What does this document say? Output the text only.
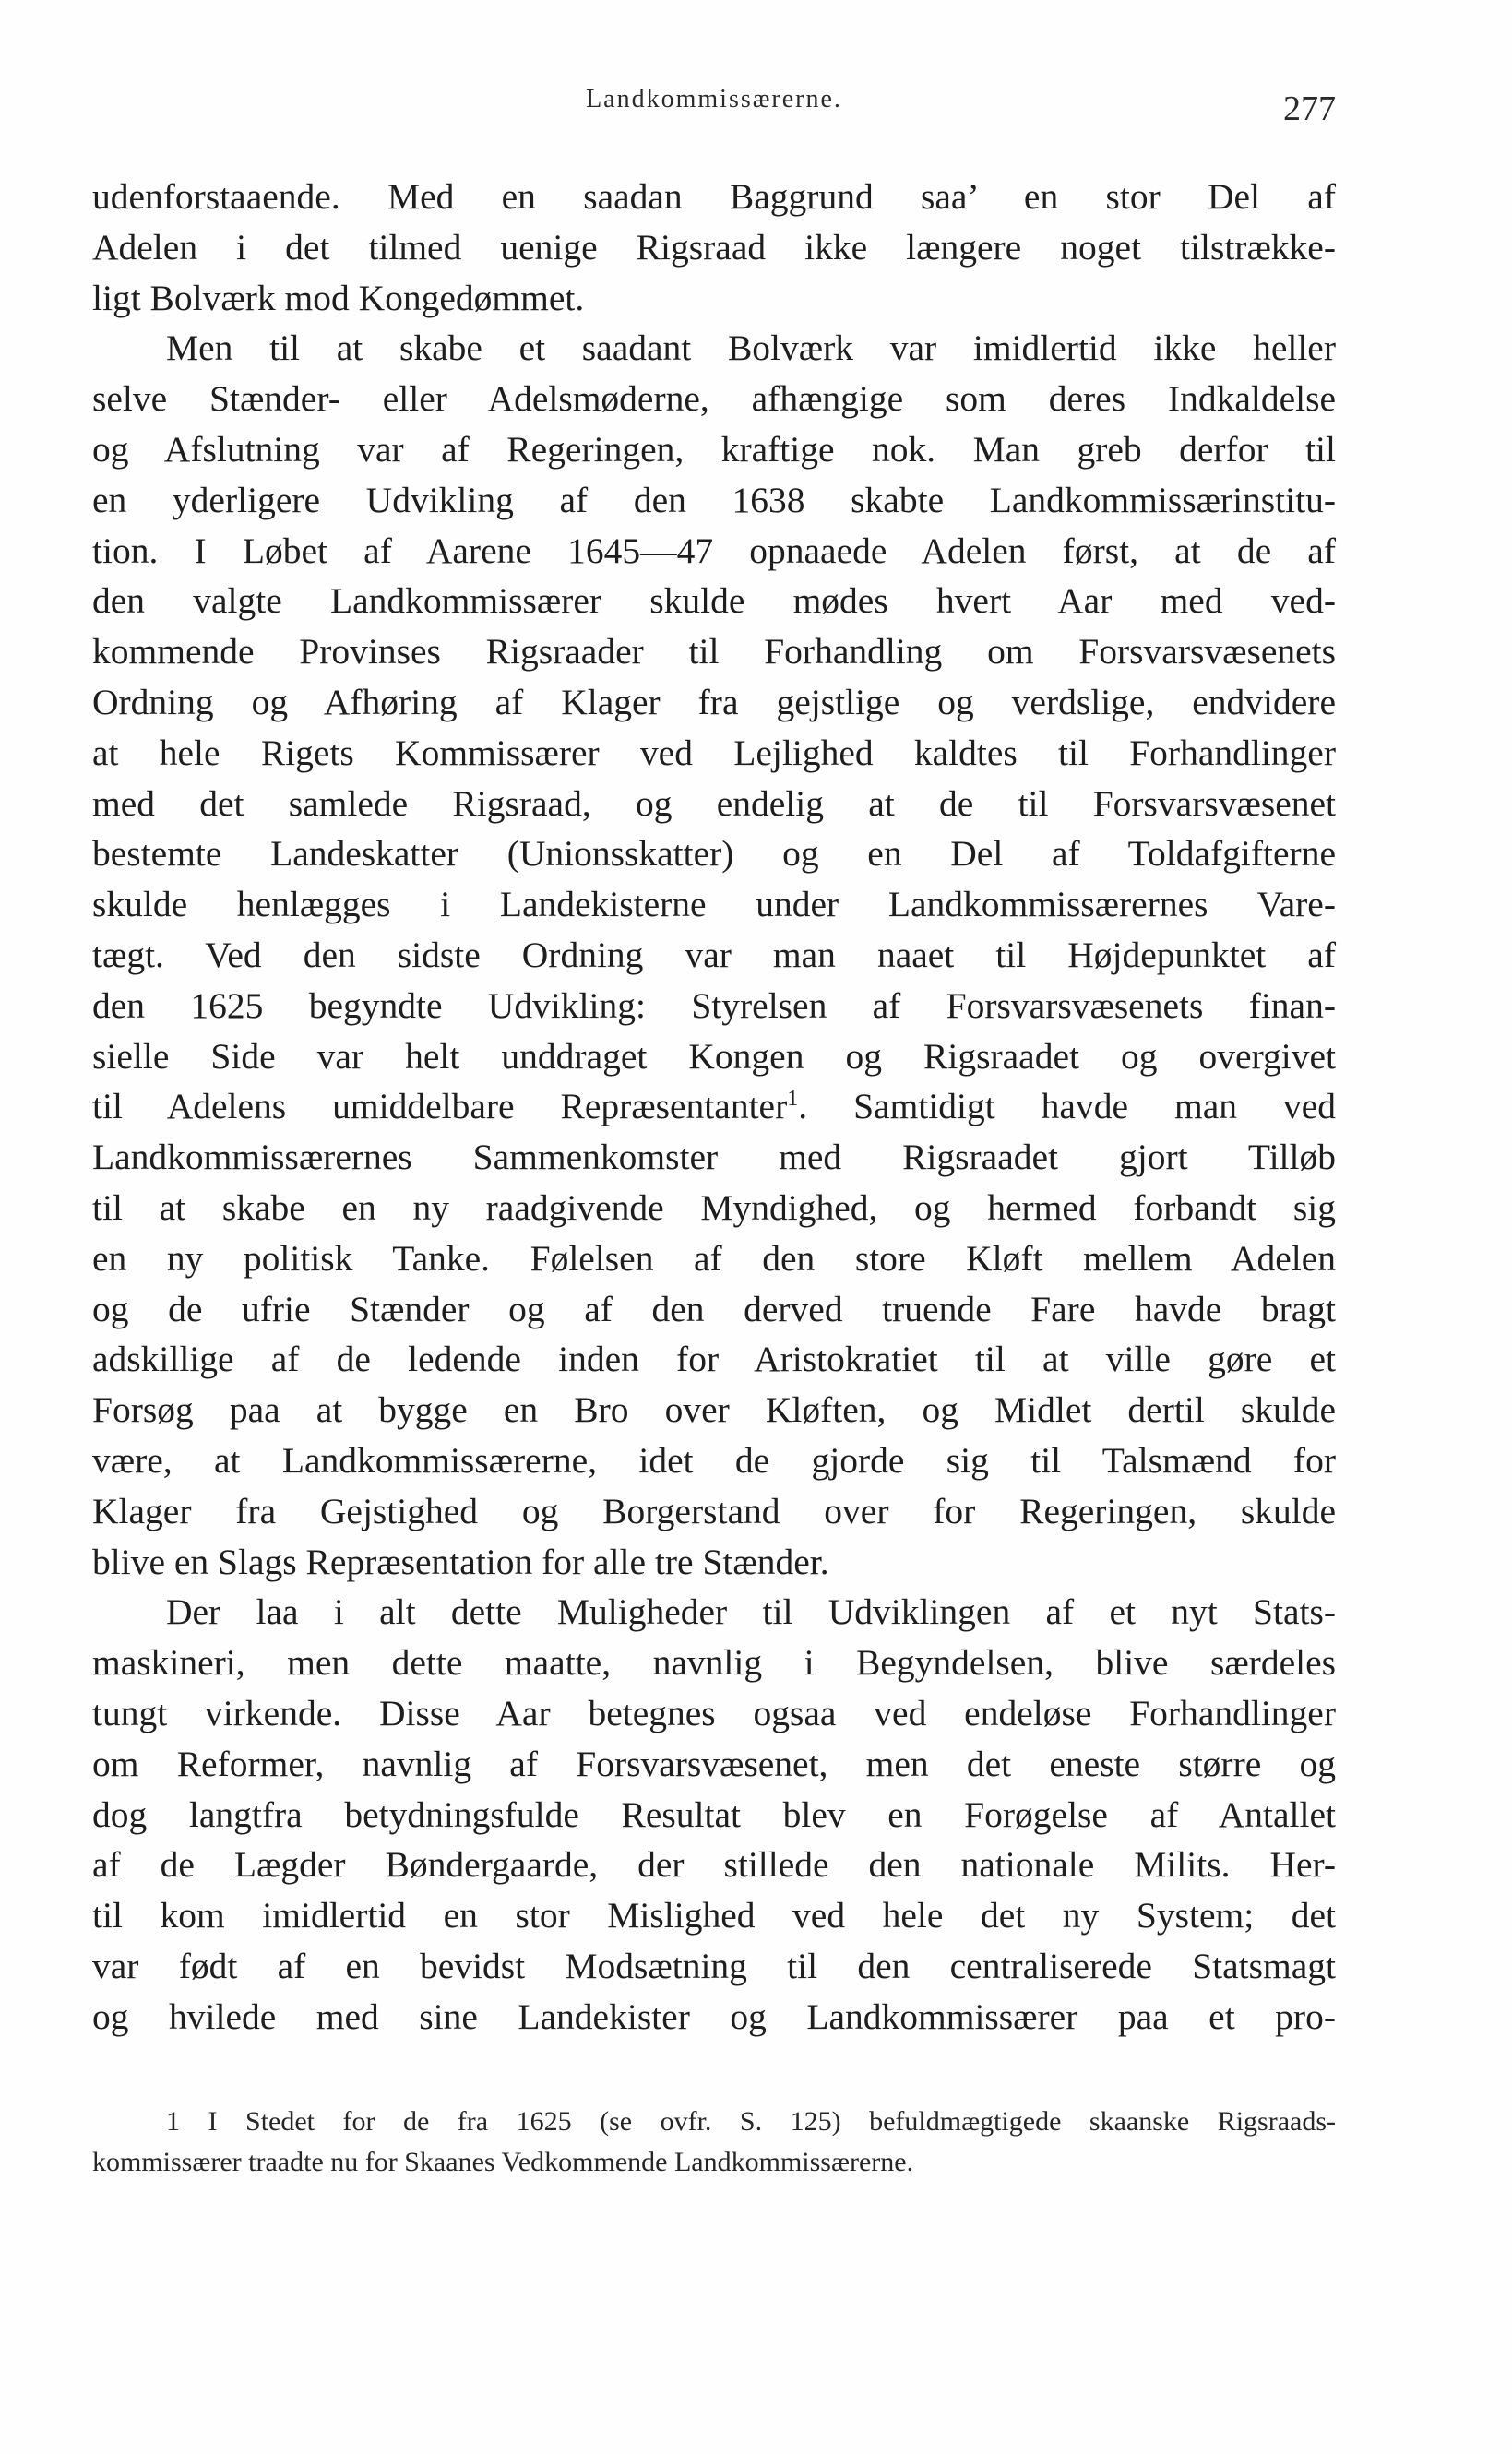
Landkommissærerne.	277
udenforstaaende. Med en saadan Baggrund saa’ en stor Del af
Adelen i det tilmed uenige Rigsraad ikke længere noget tilstrække-
ligt Bolværk mod Kongedømmet.
Men til at skabe et saadant Bolværk var imidlertid ikke heller
selve Stænder- eller Adelsmøderne, afhængige som deres Indkaldelse
og Afslutning var af Regeringen, kraftige nok. Man greb derfor til
en yderligere Udvikling af den 1638 skabte Landkommissærinstitu-
tion. I Løbet af Aarene 1645—47 opnaaede Adelen først, at de af
den valgte Landkommissærer skulde mødes hvert Aar med ved-
kommende Provinses Rigsraader til Forhandling om Forsvarsvæsenets
Ordning og Afhøring af Klager fra gejstlige og verdslige, endvidere
at hele Rigets Kommissærer ved Lejlighed kaldtes til Forhandlinger
med det samlede Rigsraad, og endelig at de til Forsvarsvæsenet
bestemte Landeskatter (Unionsskatter) og en Del af Toldafgifterne
skulde henlægges i Landekisterne under Landkommissærernes Vare-
tægt. Ved den sidste Ordning var man naaet til Højdepunktet af
den 1625 begyndte Udvikling: Styrelsen af Forsvarsvæsenets finan-
sielle Side var helt unddraget Kongen og Rigsraadet og overgivet
til Adelens umiddelbare Repræsentanter$^1$. Samtidigt havde man ved
Landkommissærernes Sammenkomster med Rigsraadet gjort Tilløb
til at skabe en ny raadgivende Myndighed, og hermed forbandt sig
en ny politisk Tanke. Følelsen af den store Kløft mellem Adelen
og de ufrie Stænder og af den derved truende Fare havde bragt
adskillige af de ledende inden for Aristokratiet til at ville gøre et
Forsøg paa at bygge en Bro over Kløften, og Midlet dertil skulde
være, at Landkommissærerne, idet de gjorde sig til Talsmænd for
Klager fra Gejstighed og Borgerstand over for Regeringen, skulde
blive en Slags Repræsentation for alle tre Stænder.
Der laa i alt dette Muligheder til Udviklingen af et nyt Stats-
maskineri, men dette maatte, navnlig i Begyndelsen, blive særdeles
tungt virkende. Disse Aar betegnes ogsaa ved endeløse Forhandlinger
om Reformer, navnlig af Forsvarsvæsenet, men det eneste større og
dog langtfra betydningsfulde Resultat blev en Forøgelse af Antallet
af de Lægder Bøndergaarde, der stillede den nationale Milits. Her-
til kom imidlertid en stor Mislighed ved hele det ny System; det
var født af en bevidst Modsætning til den centraliserede Statsmagt
og hvilede med sine Landekister og Landkommissærer paa et pro-
1 I Stedet for de fra 1625 (se ovfr. S. 125) befuldmægtigede skaanske Rigsraads-
kommissærer traadte nu for Skaanes Vedkommende Landkommissærerne.
